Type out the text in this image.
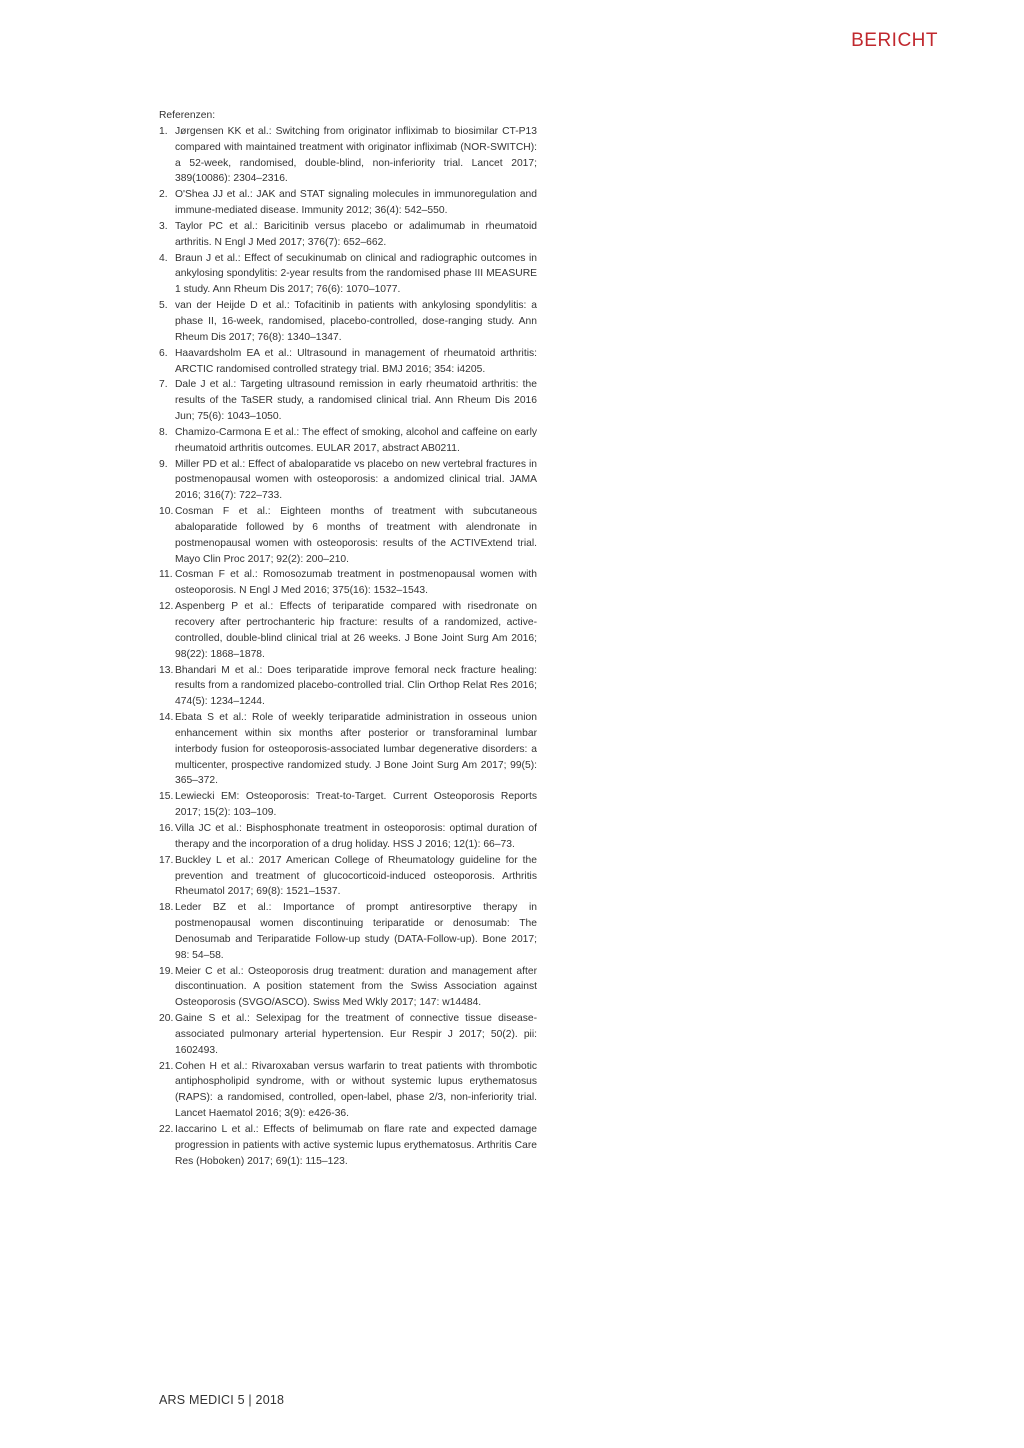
BERICHT
Referenzen:
1. Jørgensen KK et al.: Switching from originator infliximab to biosimilar CT-P13 compared with maintained treatment with originator infliximab (NOR-SWITCH): a 52-week, randomised, double-blind, non-inferiority trial. Lancet 2017; 389(10086): 2304–2316.
2. O'Shea JJ et al.: JAK and STAT signaling molecules in immunoregulation and immune-mediated disease. Immunity 2012; 36(4): 542–550.
3. Taylor PC et al.: Baricitinib versus placebo or adalimumab in rheumatoid arthritis. N Engl J Med 2017; 376(7): 652–662.
4. Braun J et al.: Effect of secukinumab on clinical and radiographic outcomes in ankylosing spondylitis: 2-year results from the randomised phase III MEASURE 1 study. Ann Rheum Dis 2017; 76(6): 1070–1077.
5. van der Heijde D et al.: Tofacitinib in patients with ankylosing spondylitis: a phase II, 16-week, randomised, placebo-controlled, dose-ranging study. Ann Rheum Dis 2017; 76(8): 1340–1347.
6. Haavardsholm EA et al.: Ultrasound in management of rheumatoid arthritis: ARCTIC randomised controlled strategy trial. BMJ 2016; 354: i4205.
7. Dale J et al.: Targeting ultrasound remission in early rheumatoid arthritis: the results of the TaSER study, a randomised clinical trial. Ann Rheum Dis 2016 Jun; 75(6): 1043–1050.
8. Chamizo-Carmona E et al.: The effect of smoking, alcohol and caffeine on early rheumatoid arthritis outcomes. EULAR 2017, abstract AB0211.
9. Miller PD et al.: Effect of abaloparatide vs placebo on new vertebral fractures in postmenopausal women with osteoporosis: a andomized clinical trial. JAMA 2016; 316(7): 722–733.
10. Cosman F et al.: Eighteen months of treatment with subcutaneous abaloparatide followed by 6 months of treatment with alendronate in postmenopausal women with osteoporosis: results of the ACTIVExtend trial. Mayo Clin Proc 2017; 92(2): 200–210.
11. Cosman F et al.: Romosozumab treatment in postmenopausal women with osteoporosis. N Engl J Med 2016; 375(16): 1532–1543.
12. Aspenberg P et al.: Effects of teriparatide compared with risedronate on recovery after pertrochanteric hip fracture: results of a randomized, active-controlled, double-blind clinical trial at 26 weeks. J Bone Joint Surg Am 2016; 98(22): 1868–1878.
13. Bhandari M et al.: Does teriparatide improve femoral neck fracture healing: results from a randomized placebo-controlled trial. Clin Orthop Relat Res 2016; 474(5): 1234–1244.
14. Ebata S et al.: Role of weekly teriparatide administration in osseous union enhancement within six months after posterior or transforaminal lumbar interbody fusion for osteoporosis-associated lumbar degenerative disorders: a multicenter, prospective randomized study. J Bone Joint Surg Am 2017; 99(5): 365–372.
15. Lewiecki EM: Osteoporosis: Treat-to-Target. Current Osteoporosis Reports 2017; 15(2): 103–109.
16. Villa JC et al.: Bisphosphonate treatment in osteoporosis: optimal duration of therapy and the incorporation of a drug holiday. HSS J 2016; 12(1): 66–73.
17. Buckley L et al.: 2017 American College of Rheumatology guideline for the prevention and treatment of glucocorticoid-induced osteoporosis. Arthritis Rheumatol 2017; 69(8): 1521–1537.
18. Leder BZ et al.: Importance of prompt antiresorptive therapy in postmenopausal women discontinuing teriparatide or denosumab: The Denosumab and Teriparatide Follow-up study (DATA-Follow-up). Bone 2017; 98: 54–58.
19. Meier C et al.: Osteoporosis drug treatment: duration and management after discontinuation. A position statement from the Swiss Association against Osteoporosis (SVGO/ASCO). Swiss Med Wkly 2017; 147: w14484.
20. Gaine S et al.: Selexipag for the treatment of connective tissue disease-associated pulmonary arterial hypertension. Eur Respir J 2017; 50(2). pii: 1602493.
21. Cohen H et al.: Rivaroxaban versus warfarin to treat patients with thrombotic antiphospholipid syndrome, with or without systemic lupus erythematosus (RAPS): a randomised, controlled, open-label, phase 2/3, non-inferiority trial. Lancet Haematol 2016; 3(9): e426-36.
22. Iaccarino L et al.: Effects of belimumab on flare rate and expected damage progression in patients with active systemic lupus erythematosus. Arthritis Care Res (Hoboken) 2017; 69(1): 115–123.
ARS MEDICI 5 | 2018
